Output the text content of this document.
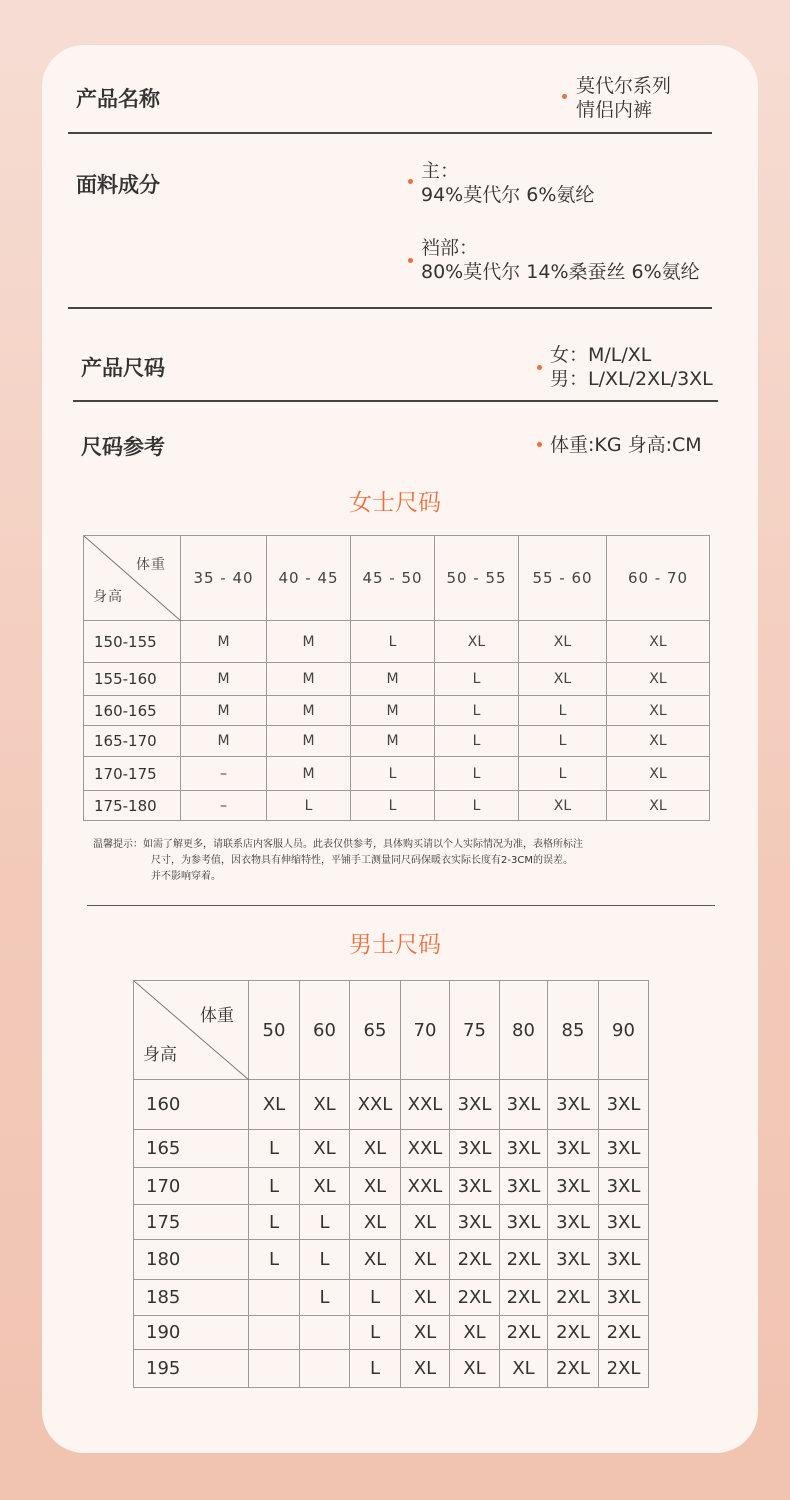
产品名称
莫代尔系列
情侣内裤
面料成分
主：
94%莫代尔 6%氨纶
裆部：
80%莫代尔 14%桑蚕丝 6%氨纶
产品尺码
女：M/L/XL
男：L/XL/2XL/3XL
尺码参考	体重:KG 身高:CM
女士尺码
体重
身高	35 - 40	40 - 45	45 - 50	50 - 55	55 - 60	60 - 70
150-155	M	M	L	XL	XL	XL
155-160	M	M	M	L	XL	XL
160-165	M	M	M	L	L	XL
165-170	M	M	M	L	L	XL
170-175	–	M	L	L	L	XL
175-180	–	L	L	L	XL	XL
温馨提示：如需了解更多，请联系店内客服人员。此表仅供参考，具体购买请以个人实际情况为准，表格所标注
尺寸，为参考值，因衣物具有伸缩特性，平铺手工测量同尺码保暖衣实际长度有2-3CM的误差。
并不影响穿着。
男士尺码
体重
身高	50	60	65	70	75	80	85	90
160	XL	XL	XXL	XXL	3XL	3XL	3XL	3XL
165	L	XL	XL	XXL	3XL	3XL	3XL	3XL
170	L	XL	XL	XXL	3XL	3XL	3XL	3XL
175	L	L	XL	XL	3XL	3XL	3XL	3XL
180	L	L	XL	XL	2XL	2XL	3XL	3XL
185		L	L	XL	2XL	2XL	2XL	3XL
190			L	XL	XL	2XL	2XL	2XL
195			L	XL	XL	XL	2XL	2XL
